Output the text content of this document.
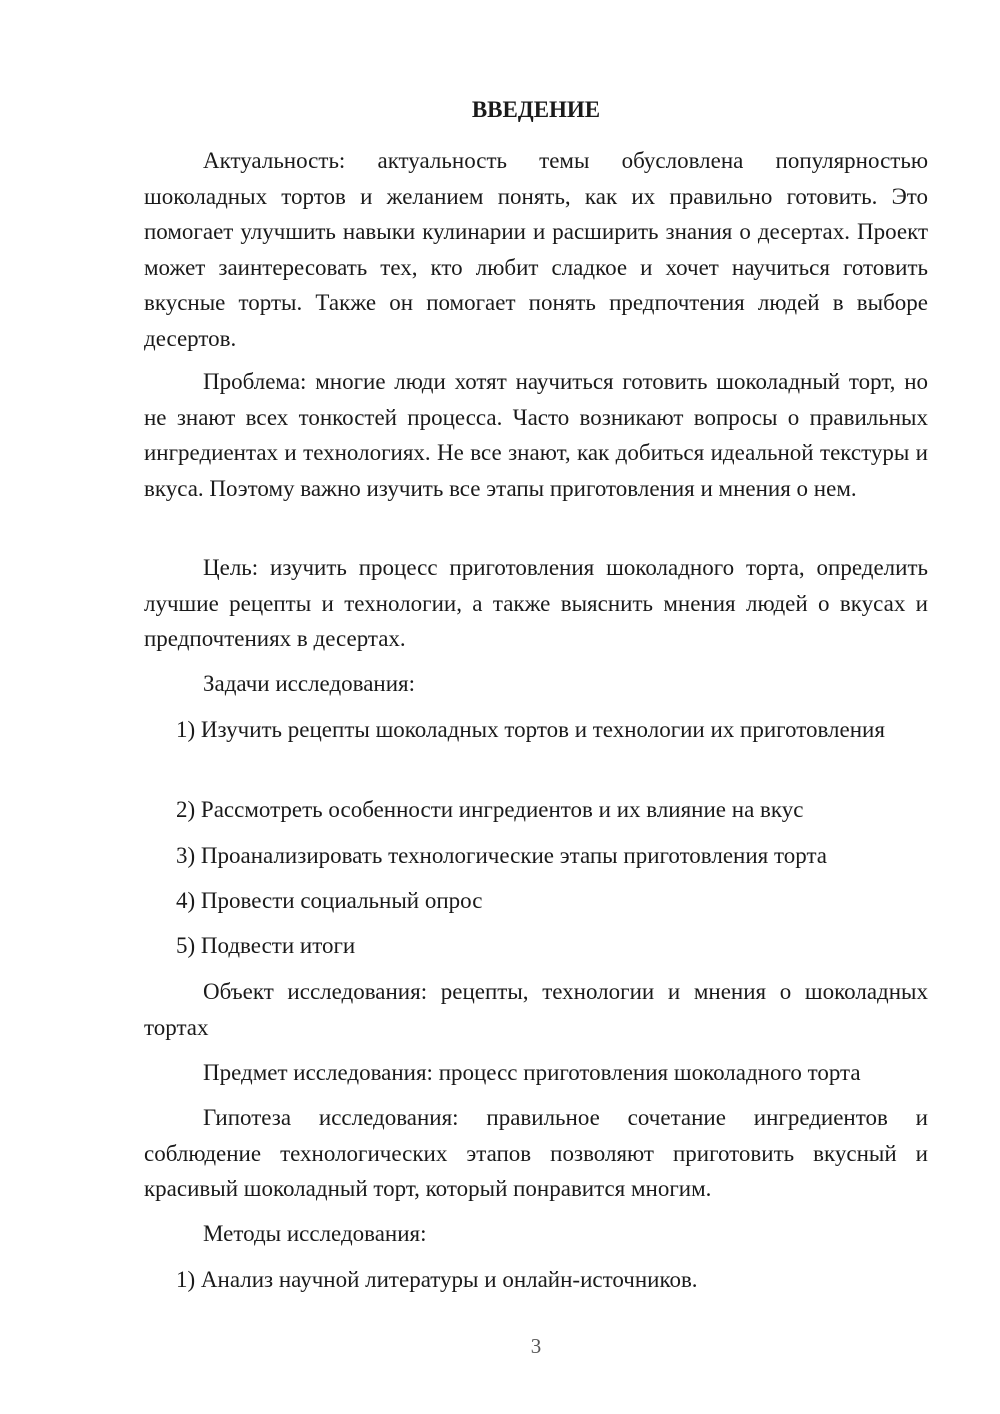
ВВЕДЕНИЕ

Актуальность: актуальность темы обусловлена популярностью шоколадных тортов и желанием понять, как их правильно готовить. Это помогает улучшить навыки кулинарии и расширить знания о десертах. Проект может заинтересовать тех, кто любит сладкое и хочет научиться готовить вкусные торты. Также он помогает понять предпочтения людей в выборе десертов.

Проблема: многие люди хотят научиться готовить шоколадный торт, но не знают всех тонкостей процесса. Часто возникают вопросы о правильных ингредиентах и технологиях. Не все знают, как добиться идеальной текстуры и вкуса. Поэтому важно изучить все этапы приготовления и мнения о нем.

Цель: изучить процесс приготовления шоколадного торта, определить лучшие рецепты и технологии, а также выяснить мнения людей о вкусах и предпочтениях в десертах.

Задачи исследования:

1) Изучить рецепты шоколадных тортов и технологии их приготовления

2) Рассмотреть особенности ингредиентов и их влияние на вкус

3) Проанализировать технологические этапы приготовления торта

4) Провести социальный опрос

5) Подвести итоги

Объект исследования: рецепты, технологии и мнения о шоколадных тортах

Предмет исследования: процесс приготовления шоколадного торта

Гипотеза исследования: правильное сочетание ингредиентов и соблюдение технологических этапов позволяют приготовить вкусный и красивый шоколадный торт, который понравится многим.

Методы исследования:

1) Анализ научной литературы и онлайн-источников.

3
